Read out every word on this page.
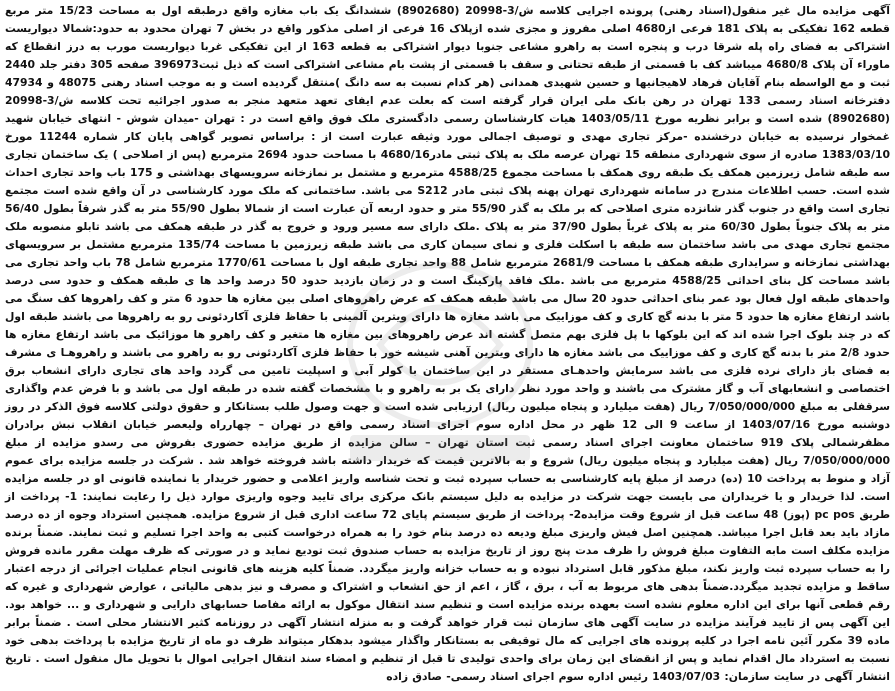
آگهی مزایده مال غیر منقول(اسناد رهنی) پرونده اجرایی کلاسه ش/3-20998 (8902680) ششدانگ یک باب مغازه واقع درطبقه اول به مساحت 15/23 متر مربع قطعه 162 تفکیکی به پلاک 181 فرعی از4680 اصلی مفروز و مجزی شده ازپلاک 16 فرعی از اصلی مذکور واقع در بخش 7 تهران محدود به حدود:شمالا دیواریست اشتراکی به فضای راه پله شرقا درب و پنجره است به راهرو مشاعی جنوبا دیوار اشتراکی به قطعه 163 از این تفکیکی غربا دیواریست مورب به درز انقطاع که ماوراء آن پلاک 4680/8 میباشد کف با قسمتی از طبقه تحتانی و سقف با قسمتی از پشت بام مشاعی اشتراکی است که ذیل ثبت396973 صفحه 305 دفتر جلد 2440 ثبت و مع الواسطه بنام آقایان فرهاد لاهیجانیها و حسین شهیدی همدانی (هر کدام نسبت به سه دانگ )منتقل گردیده است و به موجب اسناد رهنی 48075 و 47934 دفترخانه اسناد رسمی 133 تهران در رهن بانک ملی ایران قرار گرفته است که بعلت عدم ایفای تعهد متعهد منجر به صدور اجرائیه تحت کلاسه ش/3-20998 (8902680) شده است و برابر نظریه مورخ 1403/05/11 هیات کارشناسان رسمی دادگستری ملک فوق واقع است در : تهران -میدان شوش - انتهای خیابان شهید غمخوار نرسیده به خیابان درخشنده -مرکز تجاری مهدی و توصیف اجمالی مورد وثیقه عبارت است از : براساس تصویر گواهی پایان کار شماره 11244 مورخ 1383/03/10 صادره از سوی شهرداری منطقه 15 تهران عرصه ملک به پلاک ثبتی مادر4680/16 با مساحت حدود 2694 مترمربع (پس از اصلاحی ) یک ساختمان تجاری سه طبقه شامل زیرزمین همکف یک طبقه روی همکف با مساحت مجموع 4588/25 مترمربع و مشتمل بر نمازخانه سرویسهای بهداشتی و 175 باب واحد تجاری احداث شده است. حسب اطلاعات مندرج در سامانه شهرداری تهران پهنه پلاک ثبتی مادر S212 می باشد. ساختمانی که ملک مورد کارشناسی در آن واقع شده است مجتمع تجاری است واقع در جنوب گذر شانزده متری اصلاحی که بر ملک به گذر 55/90 متر و حدود اربعه آن عبارت است از شمالا بطول 55/90 متر به گذر شرقاً بطول 56/40 متر به پلاک جنوباً بطول 60/30 متر به پلاک غرباً بطول 37/90 متر به پلاک .ملک دارای سه مسیر ورود و خروج به گذر در طبقه همکف می باشد تابلو منصوبه ملک مجتمع تجاری مهدی می باشد ساختمان سه طبقه با اسکلت فلزی و نمای سیمان کاری می باشد طبقه زیرزمین با مساحت 135/74 مترمربع مشتمل بر سرویسهای بهداشتی نمازخانه و سرایداری طبقه همکف با مساحت 2681/9 مترمربع شامل 88 واحد تجاری طبقه اول با مساحت 1770/61 مترمربع شامل 78 باب واحد تجاری می باشد مساحت کل بنای احداثی 4588/25 مترمربع می باشد .ملک فاقد پارکینگ است و در زمان بازدید حدود 50 درصد واحد ها ی طبقه همکف و حدود سی درصد واحدهای طبقه اول فعال بود عمر بنای احداثی حدود 20 سال می باشد طبقه همکف که عرض راهروهای اصلی بین مغازه ها حدود 6 متر و کف راهروها کف سنگ می باشد ارتفاع مغازه ها حدود 5 متر با بدنه گچ کاری و کف موزاییک می باشد مغازه ها دارای ویترین آلمینی با حفاظ فلزی آکاردئونی رو به راهروها می باشند طبقه اول که در چند بلوک اجرا شده اند که این بلوکها با پل فلزی بهم متصل گشته اند عرض راهروهای بین مغازه ها متغیر و کف راهرو ها موزائیک می باشد ارتفاع مغازه ها حدود 2/8 متر با بدنه گچ کاری و کف موزاییک می باشد مغازه ها دارای ویترین آهنی شیشه خور با حفاظ فلزی آکاردئونی رو به راهرو می باشند و راهروهـا ی مشرف به فضای باز دارای نرده فلزی می باشد سرمایش واحدهـای مستقر در این ساختمان با کولر آبی و اسپلیت تامین می گردد واحد های تجاری دارای انشعاب برق اختصاصی و انشعابهای آب و گاز مشترک می باشند و واحد مورد نظر دارای یک بر به راهرو و با مشخصات گفته شده در طبقه اول می باشد و با فرض عدم واگذاری سرقفلی به مبلغ 7/050/000/000 ریال (هفت میلیارد و پنجاه میلیون ریال) ارزیابی شده است و جهت وصول طلب بستانکار و حقوق دولتی کلاسه فوق الذکر در روز دوشنبه مورخ 1403/07/16 از ساعت 9 الی 12 ظهر در محل اداره سوم اجرای اسناد رسمی واقع در تهران – چهارراه ولیعصر خیابان انقلاب نبش برادران مظفرشمالی پلاک 919 ساختمان معاونت اجرای اسناد رسمی ثبت استان تهران – سالن مزایده از طریق مزایده حضوری بفروش می رسدو مزایده از مبلغ 7/050/000/000 ریال (هفت میلیارد و پنجاه میلیون ریال) شروع و به بالاترین قیمت که خریدار داشته باشد فروخته خواهد شد . شرکت در جلسه مزایده برای عموم آزاد و منوط به پرداخت 10 (ده) درصد از مبلغ پایه کارشناسی به حساب سپرده ثبت و تحت شناسه واریز اعلامی و حضور خریدار یا نماینده قانونی او در جلسه مزایده است. لذا خریدار و یا خریداران می بایست جهت شرکت در مزایده به دلیل سیستم بانک مرکزی برای تایید وجوه واریزی موارد ذیل را رعایت نمایند: 1- پرداخت از طریق pc pos (پوز) 48 ساعت قبل از شروع وقت مزایده2- پرداخت از طریق سیستم پایای 72 ساعت اداری قبل از شروع مزایده. همچنین استرداد وجوه از ده درصد مازاد باید بعد قابل اجرا میباشد. همچنین اصل فیش واریزی مبلغ ودیعه ده درصد بنام خود را به همراه درخواست کتبی به واحد اجرا تسلیم و ثبت نمایند. ضمناً برنده مزایده مکلف است مابه التفاوت مبلغ فروش را ظرف مدت پنج روز از تاریخ مزایده به حساب صندوق ثبت تودیع نماید و در صورتی که ظرف مهلت مقرر مانده فروش را به حساب سپرده ثبت واریز نکند، مبلغ مذکور قابل استرداد نبوده و به حساب خزانه واریز میگردد. ضمناً کلیه هزینه های قانونی انجام عملیات اجرائی از درجه اعتبار ساقط و مزایده تجدید میگردد.ضمناً بدهی های مربوط به آب ، برق ، گاز ، اعم از حق انشعاب و اشتراک و مصرف و نیز بدهی مالیاتی ، عوارض شهرداری و غیره که رقم قطعی آنها برای این اداره معلوم نشده است بعهده برنده مزایده است و تنظیم سند انتقال موکول به ارائه مفاصا حسابهای دارایی و شهرداری و ... خواهد بود. این آگهی پس از تایید فرآیند مزایده در سایت آگهی های سازمان ثبت قرار خواهد گرفت و به منزله انتشار آگهی در روزنامه کثیر الانتشار محلی است . ضمناً برابر ماده 39 مکرر آئین نامه اجرا در کلیه پرونده های اجرایی که مال توقیفی به بستانکار واگذار میشود بدهکار میتواند ظرف دو ماه از تاریخ مزایده با پرداخت بدهی خود نسبت به استرداد مال اقدام نماید و پس از انقضای این زمان برای واحدی تولیدی تا قبل از تنظیم و امضاء سند انتقال اجرایی اموال با تحویل مال منقول است . تاریخ انتشار آگهی در سایت سازمان: 1403/07/03 رئیس اداره سوم اجرای اسناد رسمی- صادق زاده
